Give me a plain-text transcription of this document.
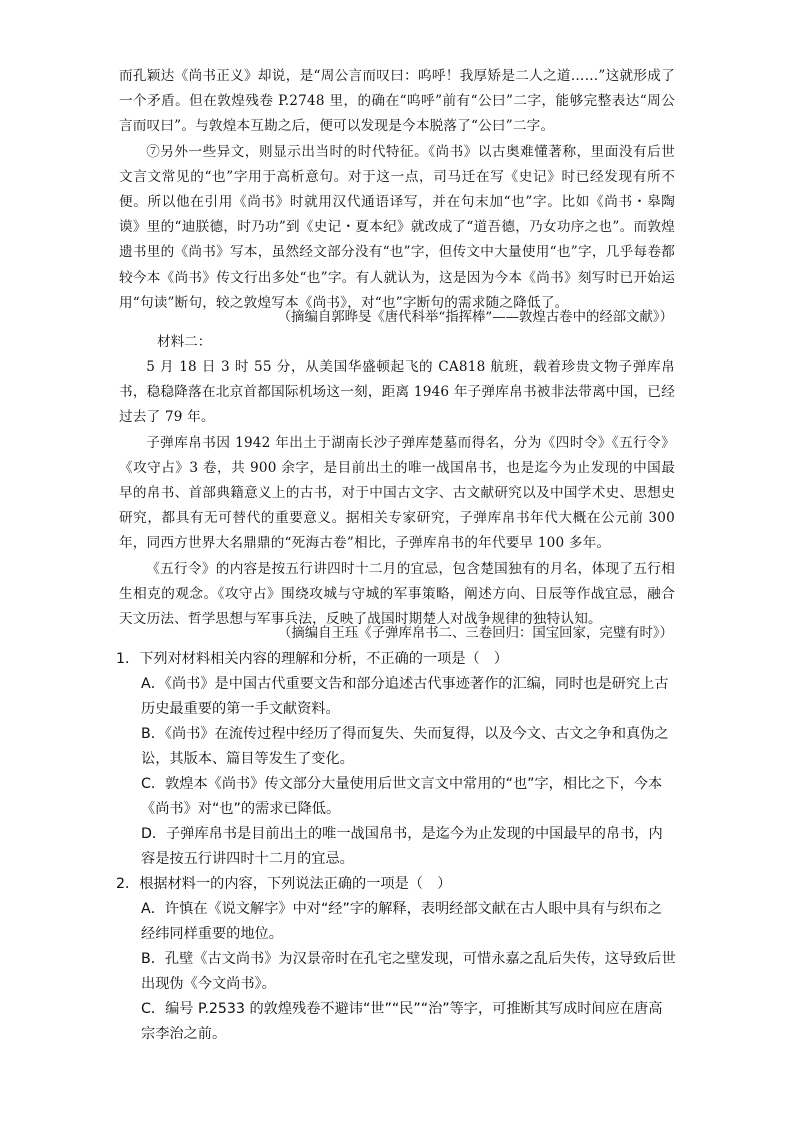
而孔颖达《尚书正义》却说，是“周公言而叹曰：呜呼！我厚矫是二人之道……”这就形成了一个矛盾。但在敦煌残卷 P.2748 里，的确在“呜呼”前有“公曰”二字，能够完整表达“周公言而叹曰”。与敦煌本互勘之后，便可以发现是今本脱落了“公曰”二字。

⑦另外一些异文，则显示出当时的时代特征。《尚书》以古奥难懂著称，里面没有后世文言文常见的“也”字用于高析意句。对于这一点，司马迁在写《史记》时已经发现有所不便。所以他在引用《尚书》时就用汉代通语译写，并在句末加“也”字。比如《尚书・皋陶谟》里的“迪朕德，时乃功”到《史记・夏本纪》就改成了“道吾德，乃女功序之也”。而敦煌遗书里的《尚书》写本，虽然经文部分没有“也”字，但传文中大量使用“也”字，几乎每卷都较今本《尚书》传文行出多处“也”字。有人就认为，这是因为今本《尚书》刻写时已开始运用“句读”断句，较之敦煌写本《尚书》，对“也”字断句的需求随之降低了。

（摘编自郭晔旻《唐代科举“指挥棒”——敦煌古卷中的经部文献》）
材料二：

5 月 18 日 3 时 55 分，从美国华盛顿起飞的 CA818 航班，载着珍贵文物子弹库帛书，稳稳降落在北京首都国际机场这一刻，距离 1946 年子弹库帛书被非法带离中国，已经过去了 79 年。

子弹库帛书因 1942 年出土于湖南长沙子弹库楚墓而得名，分为《四时令》《五行令》《攻守占》3 卷，共 900 余字，是目前出土的唯一战国帛书，也是迄今为止发现的中国最早的帛书、首部典籍意义上的古书，对于中国古文字、古文献研究以及中国学术史、思想史研究，都具有无可替代的重要意义。据相关专家研究，子弹库帛书年代大概在公元前 300 年，同西方世界大名鼎鼎的“死海古卷”相比，子弹库帛书的年代要早 100 多年。

《五行令》的内容是按五行讲四时十二月的宜忌，包含楚国独有的月名，体现了五行相生相克的观念。《攻守占》围绕攻城与守城的军事策略，阐述方向、日辰等作战宜忌，融合天文历法、哲学思想与军事兵法，反映了战国时期楚人对战争规律的独特认知。

（摘编自王珏《子弹库帛书二、三卷回归：国宝回家，完璧有时》）

1．下列对材料相关内容的理解和分析，不正确的一项是（　）

A．《尚书》是中国古代重要文告和部分追述古代事迹著作的汇编，同时也是研究上古历史最重要的第一手文献资料。

B．《尚书》在流传过程中经历了得而复失、失而复得，以及今文、古文之争和真伪之讼，其版本、篇目等发生了变化。

C．敦煌本《尚书》传文部分大量使用后世文言文中常用的“也”字，相比之下，今本《尚书》对“也”的需求已降低。

D．子弹库帛书是目前出土的唯一战国帛书，是迄今为止发现的中国最早的帛书，内容是按五行讲四时十二月的宜忌。

2．根据材料一的内容，下列说法正确的一项是（　）

A．许慎在《说文解字》中对“经”字的解释，表明经部文献在古人眼中具有与织布之经纬同样重要的地位。

B．孔壁《古文尚书》为汉景帝时在孔宅之壁发现，可惜永嘉之乱后失传，这导致后世出现伪《今文尚书》。

C．编号 P.2533 的敦煌残卷不避讳“世”“民”“治”等字，可推断其写成时间应在唐高宗李治之前。
